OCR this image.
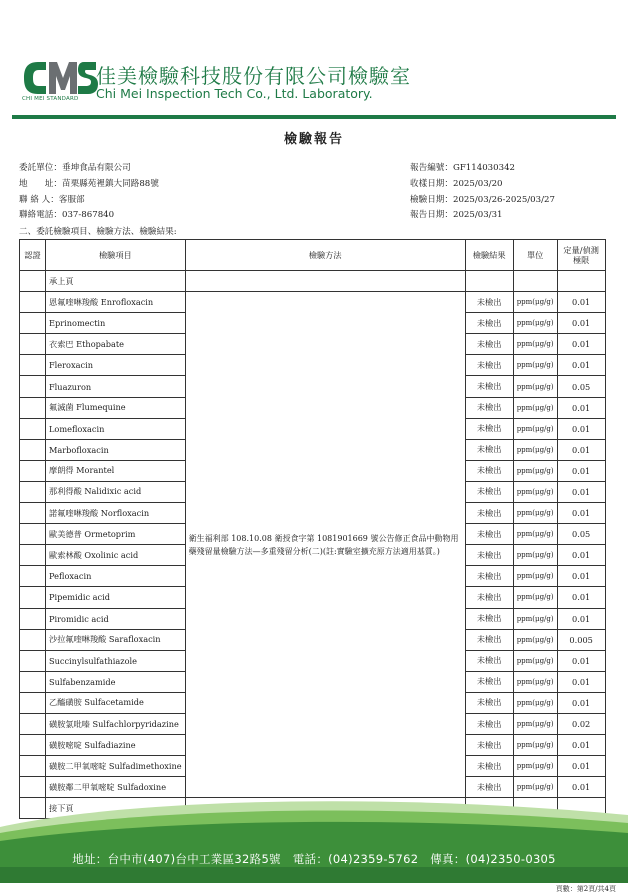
CHI MEI STANDARD
佳美檢驗科技股份有限公司檢驗室
Chi Mei Inspection Tech Co., Ltd. Laboratory.
檢驗報告
委託單位：垂坤食品有限公司
地　　址：苗栗縣苑裡鎮大同路88號
聯 絡 人：客服部
聯絡電話：037-867840
報告編號：GF114030342
收樣日期：2025/03/20
檢驗日期：2025/03/26-2025/03/27
報告日期：2025/03/31
二、委託檢驗項目、檢驗方法、檢驗結果:
認證	檢驗項目	檢驗方法	檢驗結果	單位	定量/偵測極限
	承上頁				
	恩氟喹啉羧酸 Enrofloxacin	衛生福利部 108.10.08 衛授食字第 1081901669 號公告修正食品中動物用藥殘留量檢驗方法—多重殘留分析(二)(註:實驗室擴充原方法適用基質。)	未檢出	ppm(μg/g)	0.01
	Eprinomectin		未檢出	ppm(μg/g)	0.01
	衣索巴 Ethopabate		未檢出	ppm(μg/g)	0.01
	Fleroxacin		未檢出	ppm(μg/g)	0.01
	Fluazuron		未檢出	ppm(μg/g)	0.05
	氟滅菌 Flumequine		未檢出	ppm(μg/g)	0.01
	Lomefloxacin		未檢出	ppm(μg/g)	0.01
	Marbofloxacin		未檢出	ppm(μg/g)	0.01
	摩朗得 Morantel		未檢出	ppm(μg/g)	0.01
	那利得酸 Nalidixic acid		未檢出	ppm(μg/g)	0.01
	諾氟喹啉羧酸 Norfloxacin		未檢出	ppm(μg/g)	0.01
	歐美德普 Ormetoprim		未檢出	ppm(μg/g)	0.05
	歐索林酸 Oxolinic acid		未檢出	ppm(μg/g)	0.01
	Pefloxacin		未檢出	ppm(μg/g)	0.01
	Pipemidic acid		未檢出	ppm(μg/g)	0.01
	Piromidic acid		未檢出	ppm(μg/g)	0.01
	沙拉氟喹啉羧酸 Sarafloxacin		未檢出	ppm(μg/g)	0.005
	Succinylsulfathiazole		未檢出	ppm(μg/g)	0.01
	Sulfabenzamide		未檢出	ppm(μg/g)	0.01
	乙醯磺胺 Sulfacetamide		未檢出	ppm(μg/g)	0.01
	磺胺氯吡嗪 Sulfachlorpyridazine		未檢出	ppm(μg/g)	0.02
	磺胺嘧啶 Sulfadiazine		未檢出	ppm(μg/g)	0.01
	磺胺二甲氧嘧啶 Sulfadimethoxine		未檢出	ppm(μg/g)	0.01
	磺胺鄰二甲氧嘧啶 Sulfadoxine		未檢出	ppm(μg/g)	0.01
	接下頁				
地址：台中市(407)台中工業區32路5號 電話：(04)2359-5762 傳真：(04)2350-0305
頁數：第2頁/共4頁
